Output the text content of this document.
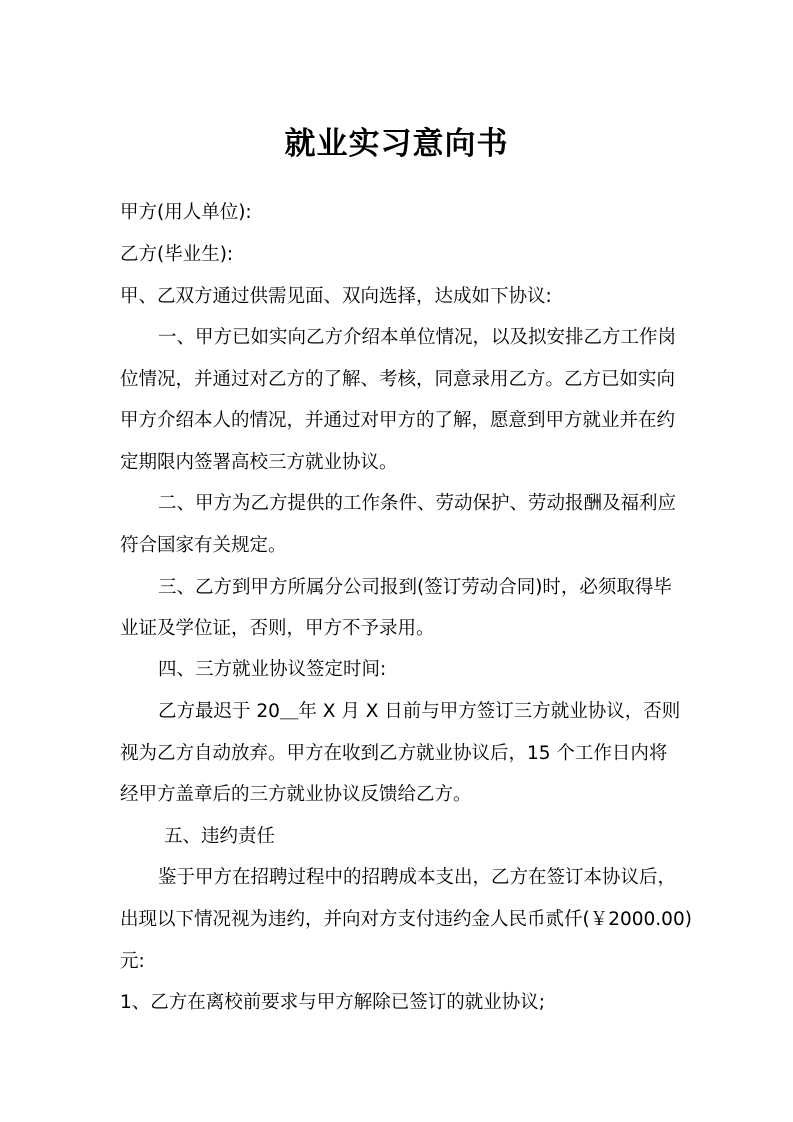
就业实习意向书
甲方(用人单位):
乙方(毕业生):
甲、乙双方通过供需见面、双向选择，达成如下协议:
一、甲方已如实向乙方介绍本单位情况，以及拟安排乙方工作岗
位情况，并通过对乙方的了解、考核，同意录用乙方。乙方已如实向
甲方介绍本人的情况，并通过对甲方的了解，愿意到甲方就业并在约
定期限内签署高校三方就业协议。
二、甲方为乙方提供的工作条件、劳动保护、劳动报酬及福利应
符合国家有关规定。
三、乙方到甲方所属分公司报到(签订劳动合同)时，必须取得毕
业证及学位证，否则，甲方不予录用。
四、三方就业协议签定时间:
乙方最迟于 20＿年 X 月 X 日前与甲方签订三方就业协议，否则
视为乙方自动放弃。甲方在收到乙方就业协议后，15 个工作日内将
经甲方盖章后的三方就业协议反馈给乙方。
五、违约责任
鉴于甲方在招聘过程中的招聘成本支出，乙方在签订本协议后，
出现以下情况视为违约，并向对方支付违约金人民币贰仟(￥2000.00)
元:
1、乙方在离校前要求与甲方解除已签订的就业协议;
